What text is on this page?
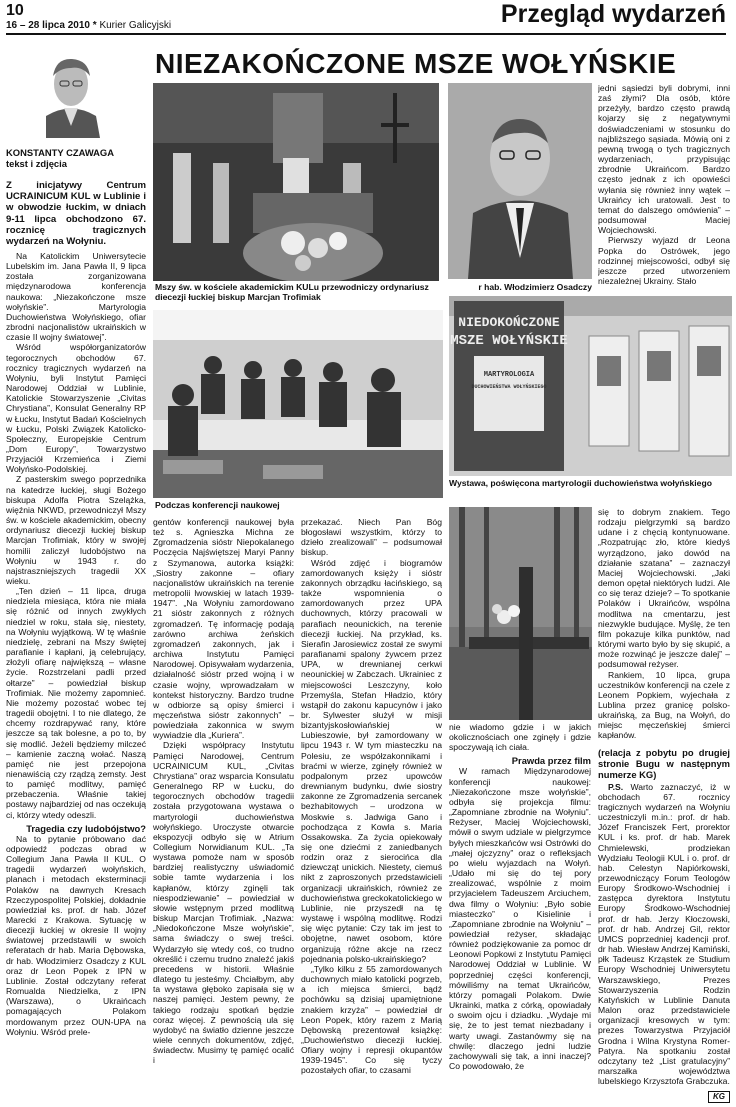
10
16 – 28 lipca 2010 * Kurier Galicyjski	Przegląd wydarzeń
NIEZAKOŃCZONE MSZE WOŁYŃSKIE
KONSTANTY CZAWAGA
tekst i zdjęcia
Z inicjatywy Centrum UCRAINICUM KUL w Lublinie i w obwodzie łuckim, w dniach 9-11 lipca obchodzono 67. rocznicę tragicznych wydarzeń na Wołyniu.

Na Katolickim Uniwersytecie Lubelskim im. Jana Pawła II, 9 lipca została zorganizowana międzynarodowa konferencja naukowa: „Niezakończone msze wołyńskie”. Martyrologia Duchowieństwa Wołyńskiego, ofiar zbrodni nacjonalistów ukraińskich w czasie II wojny światowej”.

Wśród współorganizatorów tegorocznych obchodów 67. rocznicy tragicznych wydarzeń na Wołyniu, byli Instytut Pamięci Narodowej Oddział w Lublinie, Katolickie Stowarzyszenie „Civitas Chrystiana”, Konsulat Generalny RP w Łucku, Instytut Badań Kościelnych w Łucku, Polski Związek Katolicko-Społeczny, Europejskie Centrum „Dom Europy”, Towarzystwo Przyjaciół Krzemieńca i Ziemi Wołyńsko-Podolskiej.

Z pasterskim swego poprzednika na katedrze łuckiej, sługi Bożego biskupa Adolfa Piotra Szelążka, więźnia NKWD, przewodniczył Mszy św. w kościele akademickim, obecny ordynariusz diecezji łuckiej biskup Marcjan Trofimiak, który w swojej homilii zaliczył ludobójstwo na Wołyniu w 1943 r. do najstraszniejszych tragedii XX wieku.

„Ten dzień – 11 lipca, druga niedziela miesiąca, która nie miała się różnić od innych zwykłych niedziel w roku, stała się, niestety, na Wołyniu wyjątkową. W tę właśnie niedzielę, zebrani na Mszy świętej parafianie i kapłani, ją celebrujący, złożyli ofiarę największą – własne życie. Rozstrzelani padli przed ołtarze” – powiedział biskup Trofimiak. Nie możemy zapomnieć. Nie możemy pozostać wobec tej tragedii obojętni. I to nie dlatego, że chcemy rozdrapywać rany, które jeszcze są tak bolesne, a po to, by się modlić. Jeżeli będziemy milczeć – kamienie zaczną wołać. Naszą pamięć nie jest przepojona nienawiścią czy rządzą zemsty. Jest to pamięć modlitwy, pamięć przebaczenia. Właśnie takiej postawy najbardziej od nas oczekują ci, którzy wtedy odeszli.

Tragedia czy ludobójstwo?

Na to pytanie próbowano dać odpowiedź podczas obrad w Collegium Jana Pawła II KUL. O tragedii wydarzeń wołyńskich, planach i metodach eksterminacji Polaków na dawnych Kresach Rzeczypospolitej Polskiej, dokładnie powiedział ks. prof. dr hab. Józef Marecki z Krakowa. Sytuację w diecezji łuckiej w okresie II wojny światowej przedstawili w swoich referatach dr hab. Maria Dębowska, dr hab. Włodzimierz Osadczy z KUL oraz dr Leon Popek z IPN w Lublinie. Został odczytany referat Romualda Niedzielka, z IPN (Warszawa), o Ukraińcach pomagających Polakom mordowanym przez OUN-UPA na Wołyniu. Wśród prele-

Mszy św. w kościele akademickim KULu przewodniczy ordynariusz diecezji łuckiej biskup Marcjan Trofimiak
r hab. Włodzimierz Osadczy

jedni sąsiedzi byli dobrymi, inni zaś złymi? Dla osób, które przeżyły, bardzo często prawdą kojarzy się z negatywnymi doświadczeniami w stosunku do najbliższego sąsiada. Mówią oni z pewną trwogą o tych tragicznych wydarzeniach, przypisując zbrodnie Ukraińcom. Bardzo często jednak z ich opowieści wyłania się również inny wątek – Ukraińcy ich uratowali. Jest to temat do dalszego omówienia” – podsumował Maciej Wojciechowski.

Pierwszy wyjazd dr Leona Popka do Ostrówek, jego rodzinnej miejscowości, odbył się jeszcze przed utworzeniem niezależnej Ukrainy. Stało

Podczas konferencji naukowej
NIEDOKOŃCZONE
MSZE WOŁYŃSKIE
MARTYROLOGIA
DUCHOWIEŃSTWA WOŁYŃSKIEGO
Wystawa, poświęcona martyrologii duchowieństwa wołyńskiego

gentów konferencji naukowej była też s. Agnieszka Michna ze Zgromadzenia sióstr Niepokalanego Poczęcia Najświętszej Maryi Panny z Szymanowa, autorka książki: „Siostry zakonne – ofiary nacjonalistów ukraińskich na terenie metropolii lwowskiej w latach 1939-1947”. „Na Wołyniu zamordowano 21 sióstr zakonnych z różnych zgromadzeń. Tę informację podają zarówno archiwa żeńskich zgromadzeń zakonnych, jak i archiwa Instytutu Pamięci Narodowej. Opisywałam wydarzenia, działalność sióstr przed wojną i w czasie wojny, wprowadzałam w kontekst historyczny. Bardzo trudne w odbiorze są opisy śmierci i męczeństwa sióstr zakonnych” – powiedziała zakonnica w swym wywiadzie dla „Kuriera”.

Dzięki współpracy Instytutu Pamięci Narodowej, Centrum UCRAINICUM KUL, „Civitas Chrystiana” oraz wsparcia Konsulatu Generalnego RP w Łucku, do tegorocznych obchodów tragedii została przygotowana wystawa o martyrologii duchowieństwa wołyńskiego. Uroczyste otwarcie ekspozycji odbyło się w Atrium Collegium Norwidianum KUL. „Ta wystawa pomoże nam w sposób bardziej realistyczny uświadomić sobie tamte wydarzenia i los kapłanów, którzy zginęli tak niespodziewanie” – powiedział w słowie wstępnym przed modlitwą biskup Marcjan Trofimiak. „Nazwa: „Niedokończone Msze wołyńskie”, sama świadczy o swej treści. Wydarzyło się wtedy coś, co trudno określić i czemu trudno znaleźć jakiś precedens w historii. Właśnie dlatego tu jesteśmy. Chciałbym, aby ta wystawa głęboko zapisała się w naszej pamięci. Jestem pewny, że takiego rodzaju spotkań będzie coraz więcej. Z pewnością ula się wydobyć na światło dzienne jeszcze wiele cennych dokumentów, zdjęć, świadectw. Musimy tę pamięć ocalić i

przekazać. Niech Pan Bóg błogosławi wszystkim, którzy to dzieło zrealizowali” – podsumował biskup.

Wśród zdjęć i biogramów zamordowanych księży i sióstr zakonnych obrządku łacińskiego, są także wspomnienia o zamordowanych przez UPA duchownych, którzy pracowali w parafiach neounickich, na terenie diecezji łuckiej. Na przykład, ks. Sierafin Jarosiewicz został ze swymi parafianami spalony żywcem przez UPA, w drewnianej cerkwi neounickiej w Zabczach. Ukrainiec z miejscowości Leszczyny, koło Przemyśla, Stefan Hładzio, który wstąpił do zakonu kapucynów i jako br. Sylwester służył w misji bizantyjskosłowiańskiej w Lubieszowie, był zamordowany w lipcu 1943 r. W tym miasteczku na Polesiu, ze współzakonnikami i braćmi w wierze, zginęły również w podpalonym przez upowców drewnianym budynku, dwie siostry zakonne ze Zgromadzenia sercanek bezhabitowych – urodzona w Moskwie s. Jadwiga Gano i pochodząca z Kowla s. Maria Ossakowska. Za życia opiekowały się one dziećmi z zaniedbanych rodzin oraz z sierocińca dla dziewcząt unickich. Niestety, ciemuś nikt z zaproszonych przedstawicieli organizacji ukraińskich, również ze duchowieństwa greckokatolickiego w Lublinie, nie przyszedł na tę wystawę i wspólną modlitwę. Rodzi się więc pytanie: Czy tak im jest to obojętne, nawet osobom, które organizują różne akcje na rzecz pojednania polsko-ukraińskiego?

„Tylko kilku z 55 zamordowanych duchownych miało katolicki pogrzeb, a ich miejsca śmierci, bądź pochówku są dzisiaj upamiętnione znakiem krzyża” – powiedział dr Leon Popek, który razem z Marią Dębowską prezentował książkę: „Duchowieństwo diecezji łuckiej. Ofiary wojny i represji okupantów 1939-1945”. Co się tyczy pozostałych ofiar, to czasami

nie wiadomo gdzie i w jakich okolicznościach one zginęły i gdzie spoczywają ich ciała.

Prawda przez film

W ramach Międzynarodowej konferencji naukowej: „Niezakończone msze wołyńskie”, odbyła się projekcja filmu: „Zapomniane zbrodnie na Wołyniu”. Reżyser, Maciej Wojciechowski, mówił o swym udziale w pielgrzymce byłych mieszkańców wsi Ostrówki do „małej ojczyzny” oraz o refleksjach po wielu wyjazdach na Wołyń. „Udało mi się do tej pory zrealizować, wspólnie z moim przyjacielem Tadeuszem Arciuchem, dwa filmy o Wołyniu: „Było sobie miasteczko” o Kisielinie i „Zapomniane zbrodnie na Wołyniu” – powiedział reżyser, składając również podziękowanie za pomoc dr Leonowi Popkowi z Instytutu Pamięci Narodowej Oddział w Lublinie. W poprzedniej części konferencji, mówiliśmy na temat Ukraińców, którzy pomagali Polakom. Dwie Ukrainki, matka z córką, opowiadały o swoim ojcu i dziadku. „Wydaje mi się, że to jest temat niezbadany i warty uwagi. Zastanówmy się na chwilę: dlaczego jedni ludzie zachowywali się tak, a inni inaczej? Co powodowało, że

się to dobrym znakiem. Tego rodzaju pielgrzymki są bardzo udane i z chęcią kontynuowane. „Rozpatrując zło, które kiedyś wyrządzono, jako dowód na działanie szatana” – zaznaczył Maciej Wojciechowski. „Jaki demon opętał niektórych ludzi. Ale co się teraz dzieje? – To spotkanie Polaków i Ukraińców, wspólna modlitwa na cmentarzu, jest niezwykle budujące. Myślę, że ten film pokazuje kilka punktów, nad którymi warto było by się skupić, a może rozwinąć je jeszcze dalej” – podsumował reżyser.

Rankiem, 10 lipca, grupa uczestników konferencji na czele z Leonem Popkiem, wyjechała z Lublina przez granicę polsko-ukraińską, za Bug, na Wołyń, do miejsc męczeńskiej śmierci kapłanów.

(relacja z pobytu po drugiej stronie Bugu w następnym numerze KG)

P.S. Warto zaznaczyć, iż w obchodach 67. rocznicy tragicznych wydarzeń na Wołyniu uczestniczyli m.in.: prof. dr hab. Józef Franciszek Fert, prorektor KUL i ks. prof. dr hab. Marek Chmielewski, prodziekan Wydziału Teologii KUL i o. prof. dr hab. Celestyn Napiórkowski, przewodniczący Forum Teologów Europy Środkowo-Wschodniej i zastępca dyrektora Instytutu Europy Środkowo-Wschodniej prof. dr hab. Jerzy Kłoczowski, prof. dr hab. Andrzej Gil, rektor UMCS poprzedniej kadencji prof. dr hab. Wiesław Andrzej Kamiński, płk Tadeusz Krząstek ze Studium Europy Wschodniej Uniwersytetu Warszawskiego, Prezes Stowarzyszenia Rodzin Katyńskich w Lublinie Danuta Malon oraz przedstawiciele organizacji kresowych w tym: prezes Towarzystwa Przyjaciół Grodna i Wilna Krystyna Romer-Patyra. Na spotkaniu został odczytany też „List gratulacyjny” marszałka województwa lubelskiego Krzysztofa Grabczuka.

KG
